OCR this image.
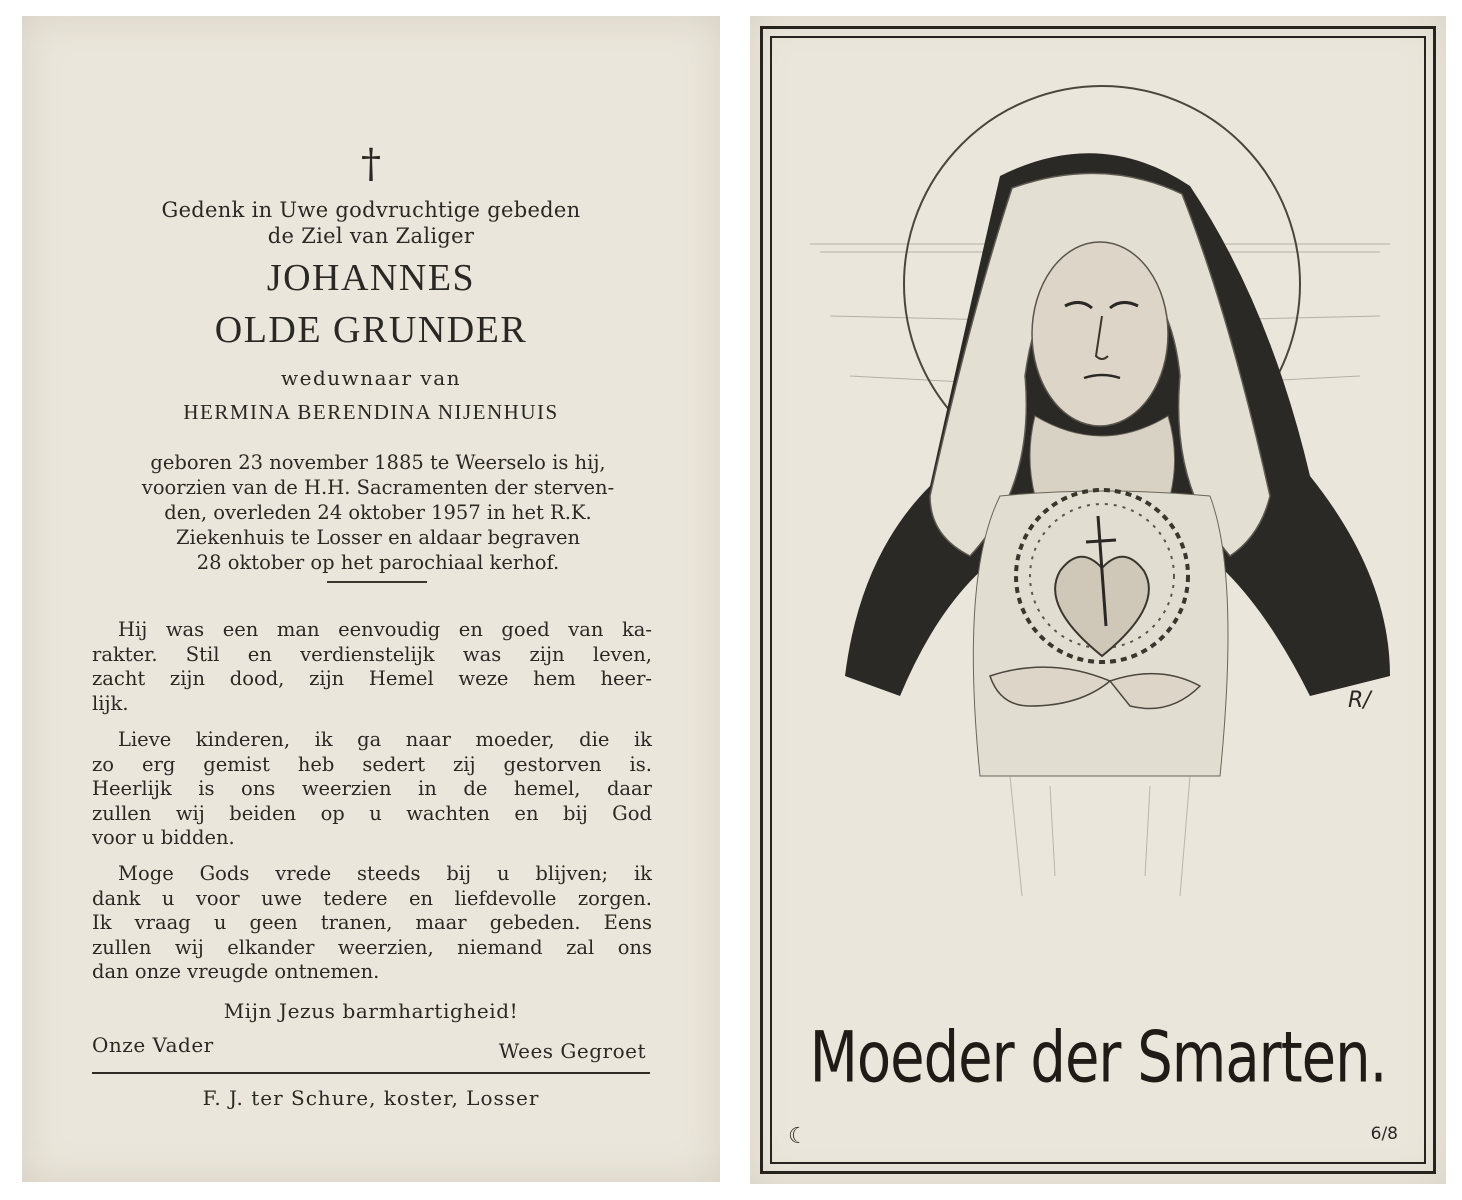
†
Gedenk in Uwe godvruchtige gebeden
de Ziel van Zaliger
JOHANNES
OLDE GRUNDER
weduwnaar van
HERMINA BERENDINA NIJENHUIS
geboren 23 november 1885 te Weerselo is hij,
voorzien van de H.H. Sacramenten der sterven-
den, overleden 24 oktober 1957 in het R.K.
Ziekenhuis te Losser en aldaar begraven
28 oktober op het parochiaal kerhof.
Hij was een man eenvoudig en goed van ka-
rakter. Stil en verdienstelijk was zijn leven,
zacht zijn dood, zijn Hemel weze hem heer-
lijk.
Lieve kinderen, ik ga naar moeder, die ik
zo erg gemist heb sedert zij gestorven is.
Heerlijk is ons weerzien in de hemel, daar
zullen wij beiden op u wachten en bij God
voor u bidden.
Moge Gods vrede steeds bij u blijven; ik
dank u voor uwe tedere en liefdevolle zorgen.
Ik vraag u geen tranen, maar gebeden. Eens
zullen wij elkander weerzien, niemand zal ons
dan onze vreugde ontnemen.
Mijn Jezus barmhartigheid!
Onze Vader	Wees Gegroet
F. J. ter Schure, koster, Losser
R/
Moeder der Smarten.
☾	6/8
